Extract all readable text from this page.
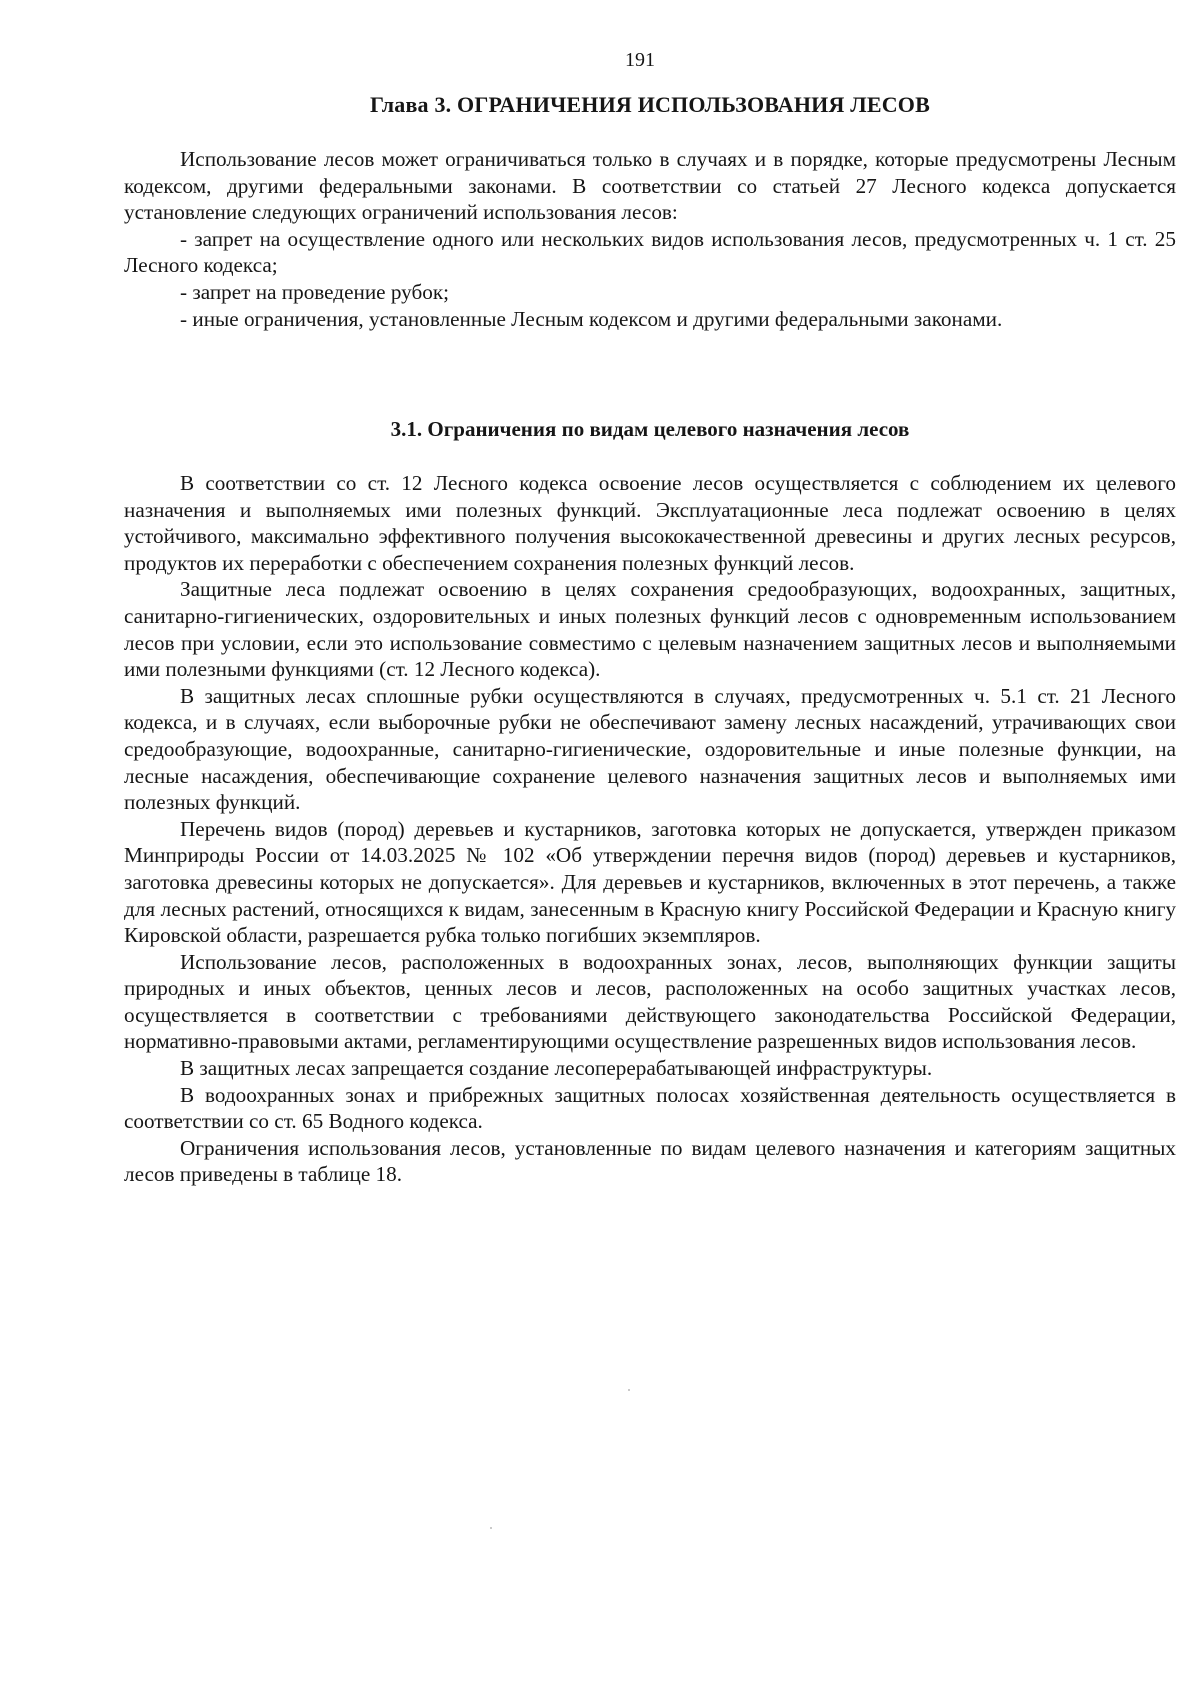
191
Глава 3. ОГРАНИЧЕНИЯ ИСПОЛЬЗОВАНИЯ ЛЕСОВ

Использование лесов может ограничиваться только в случаях и в порядке, которые предусмотрены Лесным кодексом, другими федеральными законами. В соответствии со статьей 27 Лесного кодекса допускается установление следующих ограничений использования лесов:

- запрет на осуществление одного или нескольких видов использования лесов, предусмотренных ч. 1 ст. 25 Лесного кодекса;

- запрет на проведение рубок;

- иные ограничения, установленные Лесным кодексом и другими федеральными законами.

3.1. Ограничения по видам целевого назначения лесов

В соответствии со ст. 12 Лесного кодекса освоение лесов осуществляется с соблюдением их целевого назначения и выполняемых ими полезных функций. Эксплуатационные леса подлежат освоению в целях устойчивого, максимально эффективного получения высококачественной древесины и других лесных ресурсов, продуктов их переработки с обеспечением сохранения полезных функций лесов.

Защитные леса подлежат освоению в целях сохранения средообразующих, водоохранных, защитных, санитарно-гигиенических, оздоровительных и иных полезных функций лесов с одновременным использованием лесов при условии, если это использование совместимо с целевым назначением защитных лесов и выполняемыми ими полезными функциями (ст. 12 Лесного кодекса).

В защитных лесах сплошные рубки осуществляются в случаях, предусмотренных ч. 5.1 ст. 21 Лесного кодекса, и в случаях, если выборочные рубки не обеспечивают замену лесных насаждений, утрачивающих свои средообразующие, водоохранные, санитарно-гигиенические, оздоровительные и иные полезные функции, на лесные насаждения, обеспечивающие сохранение целевого назначения защитных лесов и выполняемых ими полезных функций.

Перечень видов (пород) деревьев и кустарников, заготовка которых не допускается, утвержден приказом Минприроды России от 14.03.2025 № 102 «Об утверждении перечня видов (пород) деревьев и кустарников, заготовка древесины которых не допускается». Для деревьев и кустарников, включенных в этот перечень, а также для лесных растений, относящихся к видам, занесенным в Красную книгу Российской Федерации и Красную книгу Кировской области, разрешается рубка только погибших экземпляров.

Использование лесов, расположенных в водоохранных зонах, лесов, выполняющих функции защиты природных и иных объектов, ценных лесов и лесов, расположенных на особо защитных участках лесов, осуществляется в соответствии с требованиями действующего законодательства Российской Федерации, нормативно-правовыми актами, регламентирующими осуществление разрешенных видов использования лесов.

В защитных лесах запрещается создание лесоперерабатывающей инфраструктуры.

В водоохранных зонах и прибрежных защитных полосах хозяйственная деятельность осуществляется в соответствии со ст. 65 Водного кодекса.

Ограничения использования лесов, установленные по видам целевого назначения и категориям защитных лесов приведены в таблице 18.
